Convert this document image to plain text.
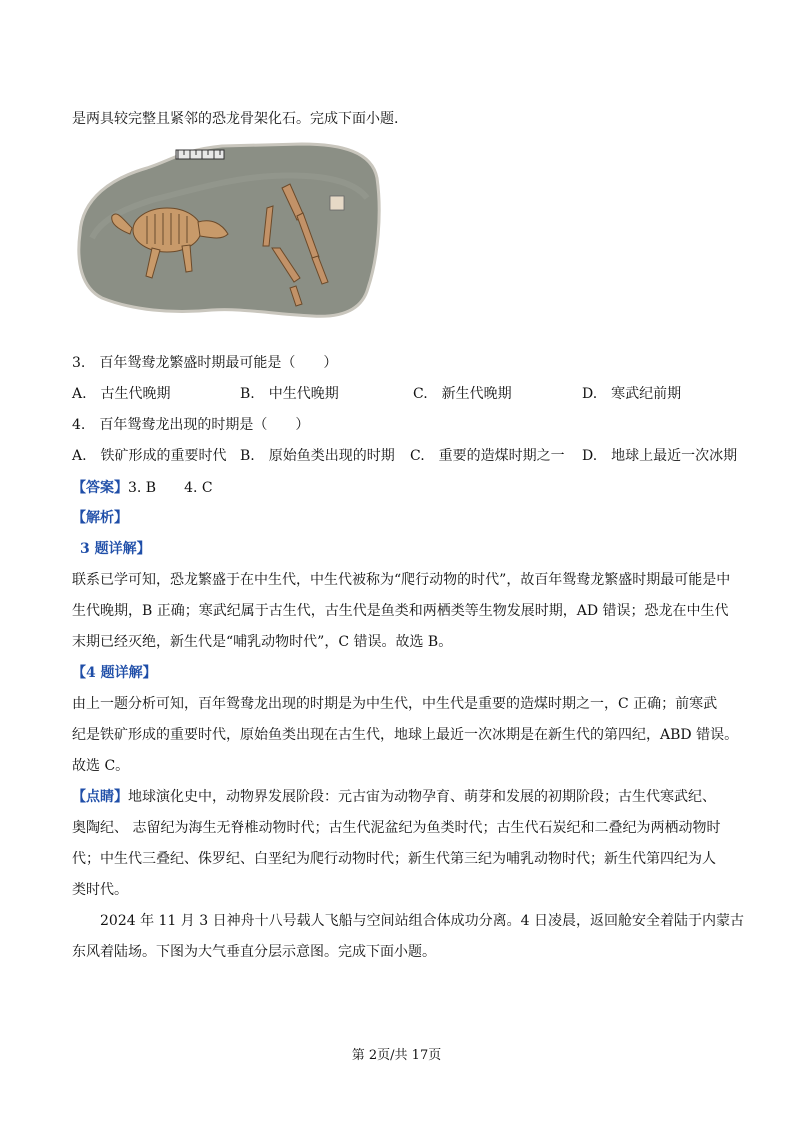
是两具较完整且紧邻的恐龙骨架化石。完成下面小题.
3.　百年鸳鸯龙繁盛时期最可能是（　　）
A.　古生代晚期	B.　中生代晚期	C.　新生代晚期	D.　寒武纪前期
4.　百年鸳鸯龙出现的时期是（　　）
A.　铁矿形成的重要时代 B.　原始鱼类出现的时期 C.　重要的造煤时期之一 D.　地球上最近一次冰期
【答案】3. B　　4. C
【解析】
3 题详解】
联系已学可知，恐龙繁盛于在中生代，中生代被称为“爬行动物的时代”，故百年鸳鸯龙繁盛时期最可能是中
生代晚期，B 正确；寒武纪属于古生代，古生代是鱼类和两栖类等生物发展时期，AD 错误；恐龙在中生代
末期已经灭绝，新生代是“哺乳动物时代”，C 错误。故选 B。
【4 题详解】
由上一题分析可知，百年鸳鸯龙出现的时期是为中生代，中生代是重要的造煤时期之一，C 正确；前寒武
纪是铁矿形成的重要时代，原始鱼类出现在古生代，地球上最近一次冰期是在新生代的第四纪，ABD 错误。
故选 C。
【点睛】地球演化史中，动物界发展阶段：元古宙为动物孕育、萌芽和发展的初期阶段；古生代寒武纪、
奥陶纪、 志留纪为海生无脊椎动物时代；古生代泥盆纪为鱼类时代；古生代石炭纪和二叠纪为两栖动物时
代；中生代三叠纪、侏罗纪、白垩纪为爬行动物时代；新生代第三纪为哺乳动物时代；新生代第四纪为人
类时代。
　　2024 年 11 月 3 日神舟十八号载人飞船与空间站组合体成功分离。4 日凌晨，返回舱安全着陆于内蒙古
东风着陆场。下图为大气垂直分层示意图。完成下面小题。
第 2页/共 17页
